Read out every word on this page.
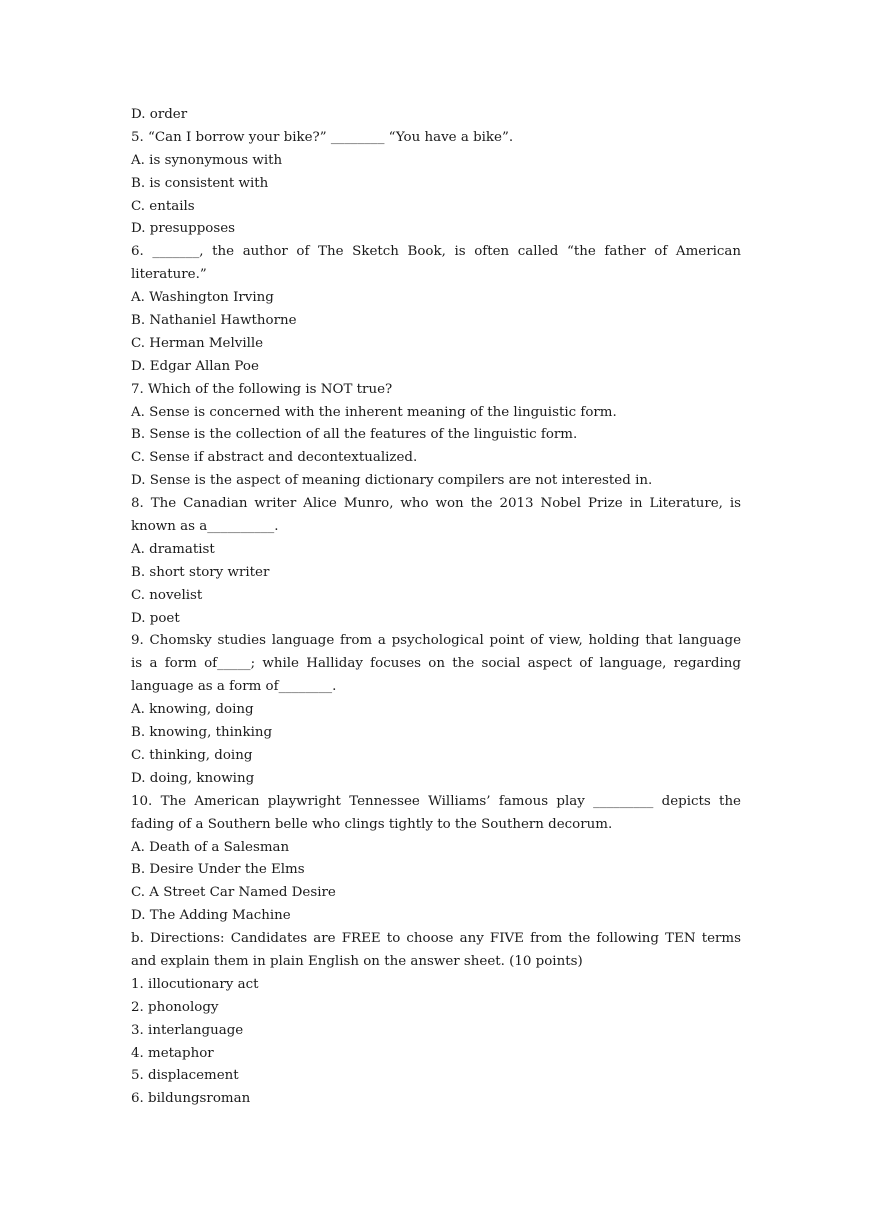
D. order
5. “Can I borrow your bike?” ________ “You have a bike”.
A. is synonymous with
B. is consistent with
C. entails
D. presupposes
6. _______, the author of The Sketch Book, is often called “the father of American
literature.”
A. Washington Irving
B. Nathaniel Hawthorne
C. Herman Melville
D. Edgar Allan Poe
7. Which of the following is NOT true?
A. Sense is concerned with the inherent meaning of the linguistic form.
B. Sense is the collection of all the features of the linguistic form.
C. Sense if abstract and decontextualized.
D. Sense is the aspect of meaning dictionary compilers are not interested in.
8. The Canadian writer Alice Munro, who won the 2013 Nobel Prize in Literature, is
known as a__________.
A. dramatist
B. short story writer
C. novelist
D. poet
9. Chomsky studies language from a psychological point of view, holding that language
is a form of_____; while Halliday focuses on the social aspect of language, regarding
language as a form of________.
A. knowing, doing
B. knowing, thinking
C. thinking, doing
D. doing, knowing
10. The American playwright Tennessee Williams’ famous play _________ depicts the
fading of a Southern belle who clings tightly to the Southern decorum.
A. Death of a Salesman
B. Desire Under the Elms
C. A Street Car Named Desire
D. The Adding Machine
b. Directions: Candidates are FREE to choose any FIVE from the following TEN terms
and explain them in plain English on the answer sheet. (10 points)
1. illocutionary act
2. phonology
3. interlanguage
4. metaphor
5. displacement
6. bildungsroman
